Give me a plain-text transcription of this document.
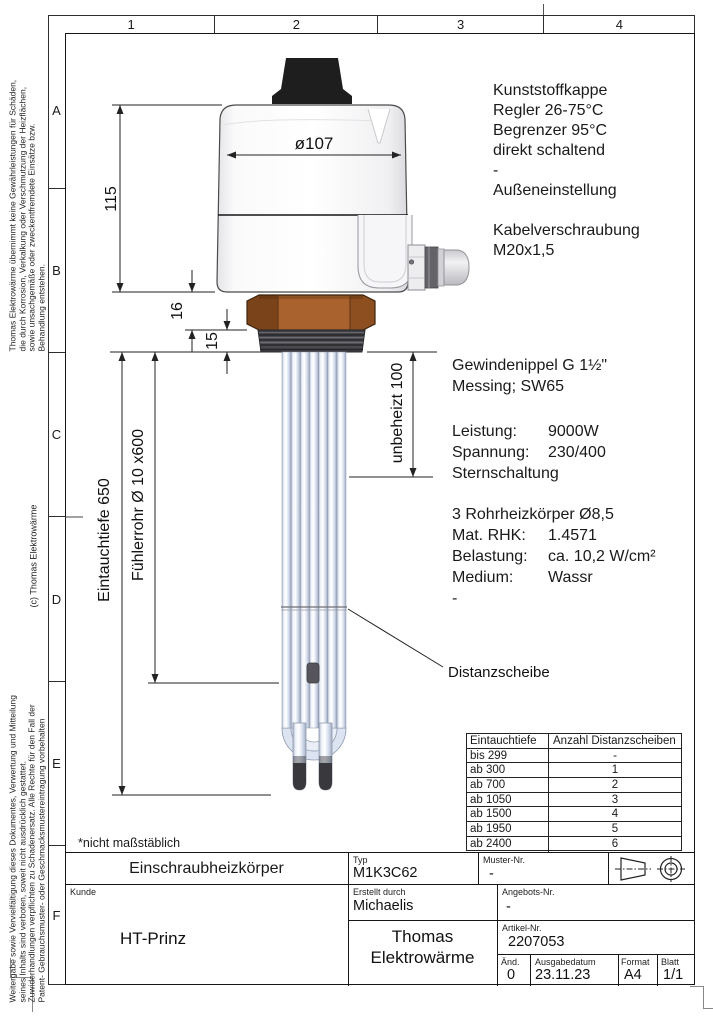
1	2	3	4
A
B
C
D
E
F
Thomas Elektrowärme übernimmt keine Gewährleistungen für Schäden, die durch Korrosion, Verkalkung oder Verschmutzung der Heizflächen, sowie unsachgemäße oder zweckentfremdete Einsätze bzw. Behandlung entstehen.
(c) Thomas Elektrowärme
Weitergabe sowie Vervielfältigung dieses Dokumentes, Verwertung und Mitteilung seines Inhalts sind verboten, soweit nicht ausdrücklich gestattet. Zuwiderhandlungen verpflichten zu Schadenersatz. Alle Rechte für den Fall der Patent- Gebrauchsmuster- oder Geschmacksmustereintragung vorbehalten
115
ø107
16
15
Eintauchtiefe 650 Fühlerrohr Ø 10 x600
unbeheizt 100
Distanzscheibe
Kunststoffkappe
Regler 26-75°C
Begrenzer 95°C
direkt schaltend
-
Außeneinstellung
Kabelverschraubung
M20x1,5
Gewindenippel G 1½"
Messing; SW65
Leistung:	9000W
Spannung:	230/400
Sternschaltung
3 Rohrheizkörper Ø8,5
Mat. RHK:	1.4571
Belastung:	ca. 10,2 W/cm²
Medium:	Wassr
-
Eintauchtiefe	Anzahl Distanzscheiben
bis 299	-
ab 300	1
ab 700	2
ab 1050	3
ab 1500	4
ab 1950	5
ab 2400	6
*nicht maßstäblich
Einschraubheizkörper	Typ
M1K3C62
Muster-Nr.
-
Kunde
HT-Prinz
Erstellt durch
Michaelis
Angebots-Nr.
-
Thomas
Elektrowärme
Artikel-Nr.
2207053
Änd.
0
Ausgabedatum
23.11.23
Format
A4
Blatt
1/1
